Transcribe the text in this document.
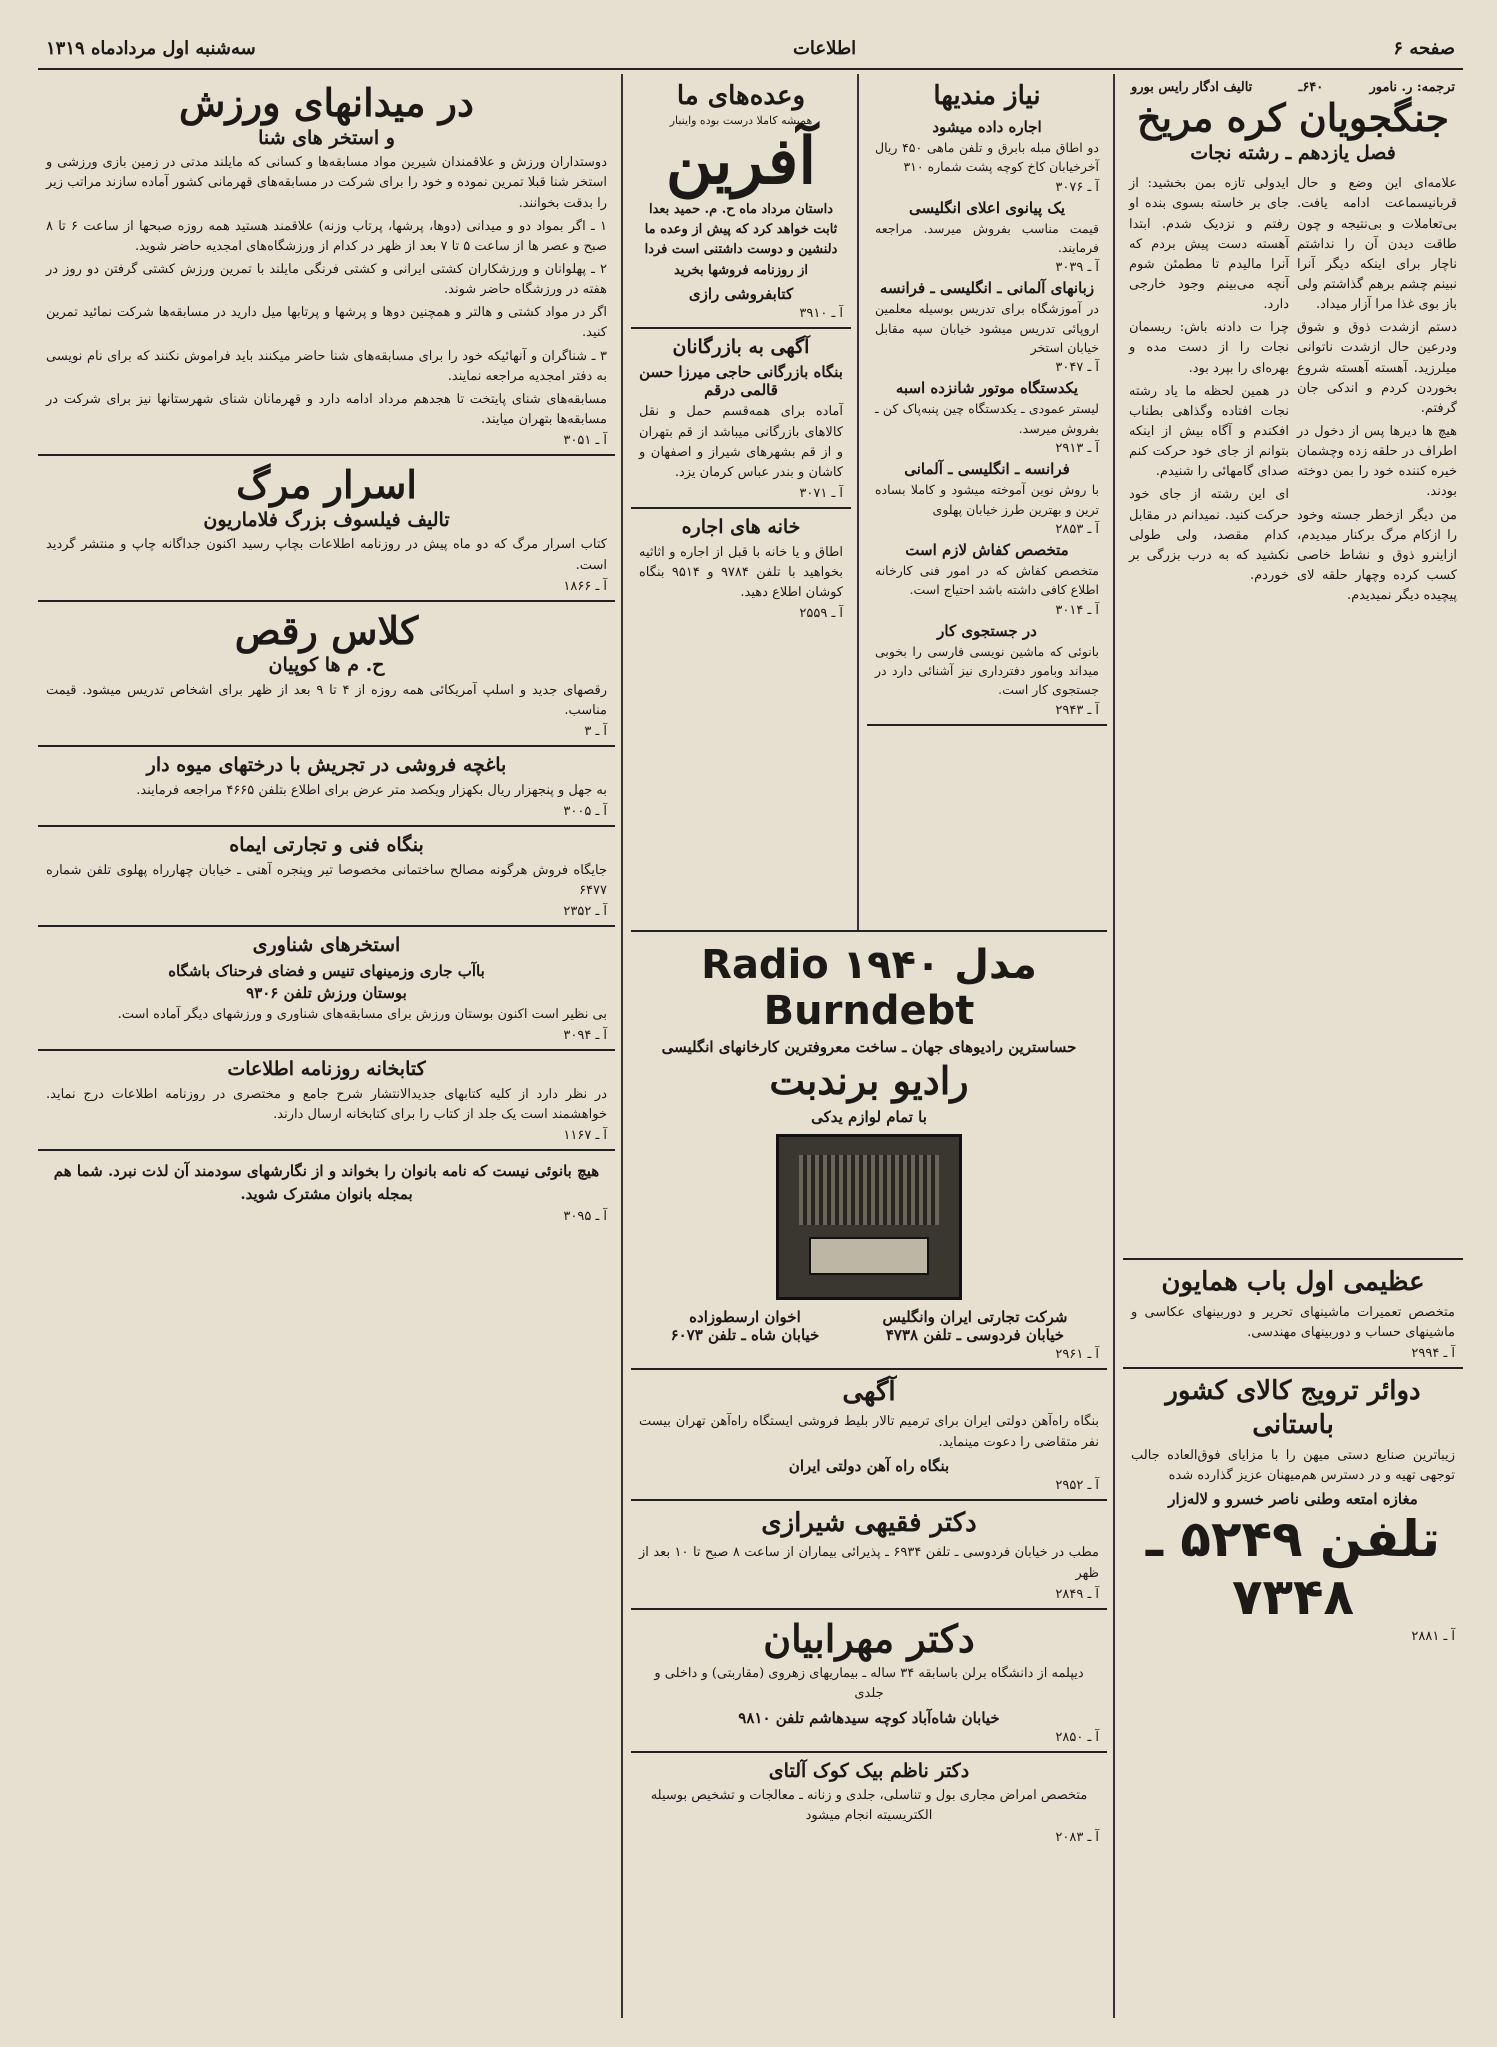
صفحه ۶
اطلاعات
سه‌شنبه اول مردادماه ۱۳۱۹
ترجمه: ر. نامور
۶۴۰ـ
تالیف ادگار رایس بورو
جنگجویان کره مریخ
فصل یازدهم ـ رشته نجات

علامه‌ای این وضع و حال قربانیسماعت ادامه یافت. بی‌تعاملات و بی‌نتیجه و چون طاقت دیدن آن را نداشتم ناچار برای اینکه دیگر آنرا نبینم چشم برهم گذاشتم ولی باز بوی غذا مرا آزار میداد.

دستم ازشدت ذوق و شوق ودرعین حال ازشدت ناتوانی میلرزید. آهسته آهسته شروع بخوردن کردم و اندکی جان گرفتم.

هیچ ها دیرها پس از دخول در اطراف در حلقه زده وچشمان خیره کننده خود را بمن دوخته بودند.

من دیگر ازخطر جسته وخود را ازکام مرگ برکنار میدیدم، ازاینرو ذوق و نشاط خاصی کسب کرده وچهار حلقه لای پیچیده دیگر نمیدیدم.

ایدولی تازه بمن بخشید: از جای بر خاسته بسوی بنده او رفتم و نزدیک شدم. ابتدا آهسته دست پیش بردم که آنرا مالیدم تا مطمئن شوم آنچه می‌بینم وجود خارجی دارد.

چرا ت دادنه باش: ریسمان نجات را از دست مده و بهره‌ای را بپرد بود.

در همین لحظه ما یاد رشته نجات افتاده وگذاهی بطناب افکندم و آگاه بیش از اینکه بتوانم از جای خود حرکت کنم صدای گامهائی را شنیدم.

ای این رشته از جای خود حرکت کنید. نمیدانم در مقابل کدام مقصد، ولی طولی نکشید که به درب بزرگی بر خوردم.

عظیمی اول باب همایون

متخصص تعمیرات ماشینهای تحریر و دوربینهای عکاسی و ماشینهای حساب و دوربینهای مهندسی.

آ ـ ۲۹۹۴
دوائر ترویج کالای کشور باستانی

زیباترین صنایع دستی میهن را با مزایای فوق‌العاده جالب توجهی تهیه و در دسترس هم‌میهنان عزیز گذارده شده

مغازه امتعه وطنی ناصر خسرو و لاله‌زار
تلفن ۵۲۴۹ ـ ۷۳۴۸
آ ـ ۲۸۸۱
نیاز مندیها
اجاره داده میشود

دو اطاق مبله بابرق و تلفن ماهی ۴۵۰ ریال آخرخیابان کاخ کوچه پشت شماره ۳۱۰

آ ـ ۳۰۷۶
یک پیانوی اعلای انگلیسی

قیمت مناسب بفروش میرسد. مراجعه فرمایند.

آ ـ ۳۰۳۹
زبانهای آلمانی ـ انگلیسی ـ فرانسه

در آموزشگاه برای تدریس بوسیله معلمین اروپائی تدریس میشود خیابان سپه مقابل خیابان استخر

آ ـ ۳۰۴۷
یکدستگاه موتور شانزده اسبه

لیستر عمودی ـ یکدستگاه چین پنبه‌پاک کن ـ بفروش میرسد.

آ ـ ۲۹۱۳
فرانسه ـ انگلیسی ـ آلمانی

با روش نوین آموخته میشود و کاملا بساده ترین و بهترین طرز خیابان پهلوی

آ ـ ۲۸۵۳
متخصص کفاش لازم است

متخصص کفاش که در امور فنی کارخانه اطلاع کافی داشته باشد احتیاج است.

آ ـ ۳۰۱۴
در جستجوی کار

بانوئی که ماشین نویسی فارسی را بخوبی میداند وبامور دفترداری نیز آشنائی دارد در جستجوی کار است.

آ ـ ۲۹۴۳
وعده‌های ما
همیشه کاملا درست بوده واینبار
آفرین

داستان مرداد ماه ح. م. حمید بعدا ثابت خواهد کرد که پیش از وعده ما دلنشین و دوست داشتنی است فردا از روزنامه فروشها بخرید

کتابفروشی رازی
آ ـ ۳۹۱۰
آگهی به بازرگانان
بنگاه بازرگانی حاجی میرزا حسن قالمی درقم

آماده برای همه‌قسم حمل و نقل کالاهای بازرگانی میباشد از قم بتهران و از قم بشهرهای شیراز و اصفهان و کاشان و بندر عباس کرمان یزد.

آ ـ ۳۰۷۱
خانه های اجاره

اطاق و یا خانه با قبل از اجاره و اثاثیه بخواهید با تلفن ۹۷۸۴ و ۹۵۱۴ بنگاه کوشان اطلاع دهید.

آ ـ ۲۵۵۹
Radio ۱۹۴۰ مدل Burndebt
حساسترین رادیوهای جهان ـ ساخت معروفترین کارخانهای انگلیسی
رادیو برندبت
با تمام لوازم یدکی
شرکت تجارتی ایران وانگلیس
خیابان فردوسی ـ تلفن ۴۷۳۸
اخوان ارسطوزاده
خیابان شاه ـ تلفن ۶۰۷۳
آ ـ ۲۹۶۱
آگهی

بنگاه راه‌آهن دولتی ایران برای ترمیم تالار بلیط فروشی ایستگاه راه‌آهن تهران بیست نفر متقاضی را دعوت مینماید.

بنگاه راه آهن دولتی ایران
آ ـ ۲۹۵۲
دکتر فقیهی شیرازی

مطب در خیابان فردوسی ـ تلفن ۶۹۳۴ ـ پذیرائی بیماران از ساعت ۸ صبح تا ۱۰ بعد از ظهر

آ ـ ۲۸۴۹
دکتر مهرابیان

دیپلمه از دانشگاه برلن باسابقه ۳۴ ساله ـ بیماریهای زهروی (مقاربتی) و داخلی و جلدی

خیابان شاه‌آباد کوچه سیدهاشم تلفن ۹۸۱۰
آ ـ ۲۸۵۰
دکتر ناظم بیک کوک آلتای

متخصص امراض مجاری بول و تناسلی، جلدی و زنانه ـ معالجات و تشخیص بوسیله الکتریسیته انجام میشود

آ ـ ۲۰۸۳
در میدانهای ورزش
و استخر های شنا

دوستداران ورزش و علاقمندان شیرین مواد مسابقه‌ها و کسانی که مایلند مدتی در زمین بازی ورزشی و استخر شنا قبلا تمرین نموده و خود را برای شرکت در مسابقه‌های قهرمانی کشور آماده سازند مراتب زیر را بدقت بخوانند.

۱ ـ اگر بمواد دو و میدانی (دوها، پرشها، پرتاب وزنه) علاقمند هستید همه روزه صبحها از ساعت ۶ تا ۸ صبح و عصر ها از ساعت ۵ تا ۷ بعد از ظهر در کدام از ورزشگاه‌های امجدیه حاضر شوید.

۲ ـ پهلوانان و ورزشکاران کشتی ایرانی و کشتی فرنگی مایلند با تمرین ورزش کشتی گرفتن دو روز در هفته در ورزشگاه حاضر شوند.

اگر در مواد کشتی و هالتر و همچنین دوها و پرشها و پرتابها میل دارید در مسابقه‌ها شرکت نمائید تمرین کنید.

۳ ـ شناگران و آنهائیکه خود را برای مسابقه‌های شنا حاضر میکنند باید فراموش نکنند که برای نام نویسی به دفتر امجدیه مراجعه نمایند.

مسابقه‌های شنای پایتخت تا هجدهم مرداد ادامه دارد و قهرمانان شنای شهرستانها نیز برای شرکت در مسابقه‌ها بتهران میایند.

آ ـ ۳۰۵۱
اسرار مرگ
تالیف فیلسوف بزرگ فلاماریون

کتاب اسرار مرگ که دو ماه پیش در روزنامه اطلاعات بچاپ رسید اکنون جداگانه چاپ و منتشر گردید است.

آ ـ ۱۸۶۶
کلاس رقص
ح. م ها کوپیان

رقصهای جدید و اسلپ آمریکائی همه روزه از ۴ تا ۹ بعد از ظهر برای اشخاص تدریس میشود. قیمت مناسب.

آ ـ ۳
باغچه فروشی در تجریش با درختهای میوه دار

به جهل و پنجهزار ریال بکهزار ویکصد متر عرض برای اطلاع بتلفن ۴۶۶۵ مراجعه فرمایند.

آ ـ ۳۰۰۵
بنگاه فنی و تجارتی ایماه

جایگاه فروش هرگونه مصالح ساختمانی مخصوصا تیر وپنجره آهنی ـ خیابان چهارراه پهلوی تلفن شماره ۶۴۷۷

آ ـ ۲۳۵۲
استخرهای شناوری
باآب جاری وزمینهای تنیس و فضای فرحناک باشگاه
بوستان ورزش تلفن ۹۳۰۶

بی نظیر است اکنون بوستان ورزش برای مسابقه‌های شناوری و ورزشهای دیگر آماده است.

آ ـ ۳۰۹۴
کتابخانه روزنامه اطلاعات

در نظر دارد از کلیه کتابهای جدیدالانتشار شرح جامع و مختصری در روزنامه اطلاعات درج نماید. خواهشمند است یک جلد از کتاب را برای کتابخانه ارسال دارند.

آ ـ ۱۱۶۷

هیچ بانوئی نیست که نامه بانوان را بخواند و از نگارشهای سودمند آن لذت نبرد. شما هم بمجله بانوان مشترک شوید.

آ ـ ۳۰۹۵
